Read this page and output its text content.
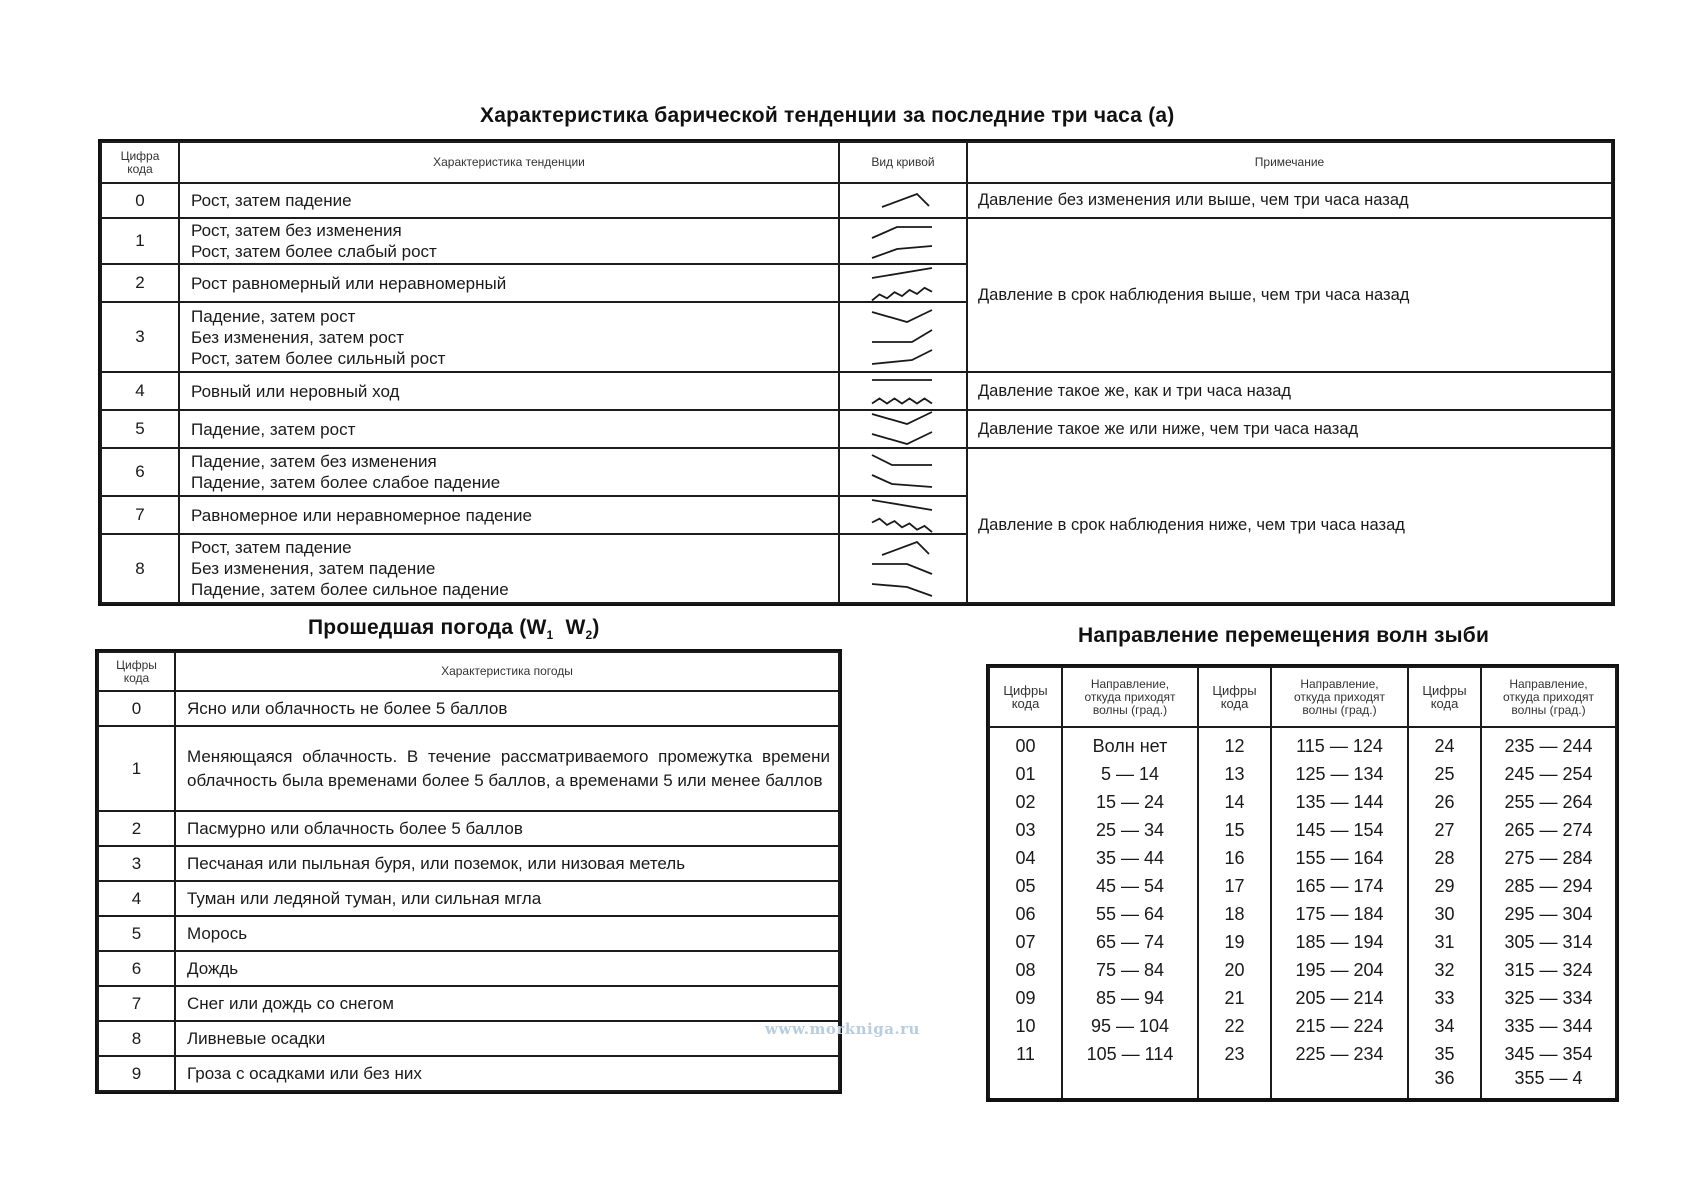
Характеристика барической тенденции за последние три часа (a)
Цифра
кода	Характеристика тенденции	Вид кривой	Примечание
0	Рост, затем падение		Давление без изменения или выше, чем три часа назад
1	Рост, затем без изменения
Рост, затем более слабый рост		Давление в срок наблюдения выше, чем три часа назад
2	Рост равномерный или неравномерный

3	Падение, затем рост
Без изменения, затем рост
Рост, затем более сильный рост

4	Ровный или неровный ход		Давление такое же, как и три часа назад
5	Падение, затем рост		Давление такое же или ниже, чем три часа назад
6	Падение, затем без изменения
Падение, затем более слабое падение		Давление в срок наблюдения ниже, чем три часа назад
7	Равномерное или неравномерное падение

8	Рост, затем падение
Без изменения, затем падение
Падение, затем более сильное падение

Прошедшая погода ($W_1$ $W_2$)
Цифры
кода	Характеристика погоды
0	Ясно или облачность не более 5 баллов
1	Меняющаяся облачность. В течение рассматриваемого промежутка времени облачность была временами более 5 баллов, а временами 5 или менее баллов
2	Пасмурно или облачность более 5 баллов
3	Песчаная или пыльная буря, или поземок, или низовая метель
4	Туман или ледяной туман, или сильная мгла
5	Морось
6	Дождь
7	Снег или дождь со снегом
8	Ливневые осадки
9	Гроза с осадками или без них
Направление перемещения волн зыби
Цифры
кода	Направление,
откуда приходят
волны (град.)	Цифры
кода	Направление,
откуда приходят
волны (град.)	Цифры
кода	Направление,
откуда приходят
волны (град.)

00	Волн нет	12	115 — 124	24	235 — 244
01	5 — 14	13	125 — 134	25	245 — 254
02	15 — 24	14	135 — 144	26	255 — 264
03	25 — 34	15	145 — 154	27	265 — 274
04	35 — 44	16	155 — 164	28	275 — 284
05	45 — 54	17	165 — 174	29	285 — 294
06	55 — 64	18	175 — 184	30	295 — 304
07	65 — 74	19	185 — 194	31	305 — 314
08	75 — 84	20	195 — 204	32	315 — 324
09	85 — 94	21	205 — 214	33	325 — 334
10	95 — 104	22	215 — 224	34	335 — 344
11	105 — 114	23	225 — 234	35	345 — 354
				36	355 — 4
www.morkniga.ru
